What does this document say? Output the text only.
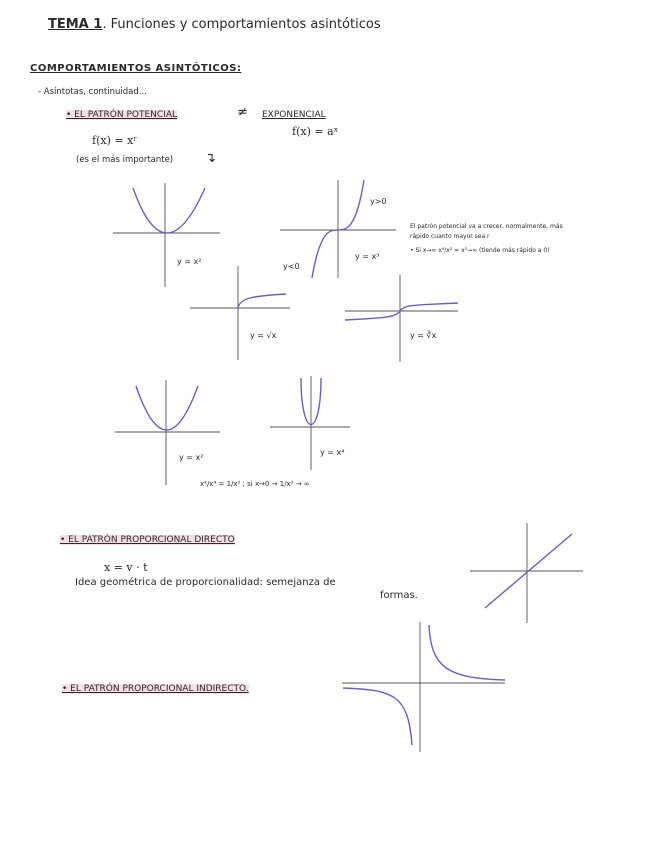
TEMA 1. Funciones y comportamientos asintóticos
COMPORTAMIENTOS ASINTÓTICOS:
- Asíntotas, continuidad...
• EL PATRÓN POTENCIAL	≠ EXPONENCIAL
f(x) = xʳ
f(x) = aˣ
(es el más importante) ↴
El patrón potencial va a crecer, normalmente, más
rápido cuanto mayor sea r
• Si x→∞ x⁴/x² = x²→∞ (tiende más rápido a 0)
y = x²
y = x³
y>0
y<0
y = √x	y = ∛x
y = x²
y = x⁴
x²/x⁴ = 1/x² ; si x→0 → 1/x² → ∞
• EL PATRÓN PROPORCIONAL DIRECTO
x = v · t
Idea geométrica de proporcionalidad: semejanza de
formas.
• EL PATRÓN PROPORCIONAL INDIRECTO.
